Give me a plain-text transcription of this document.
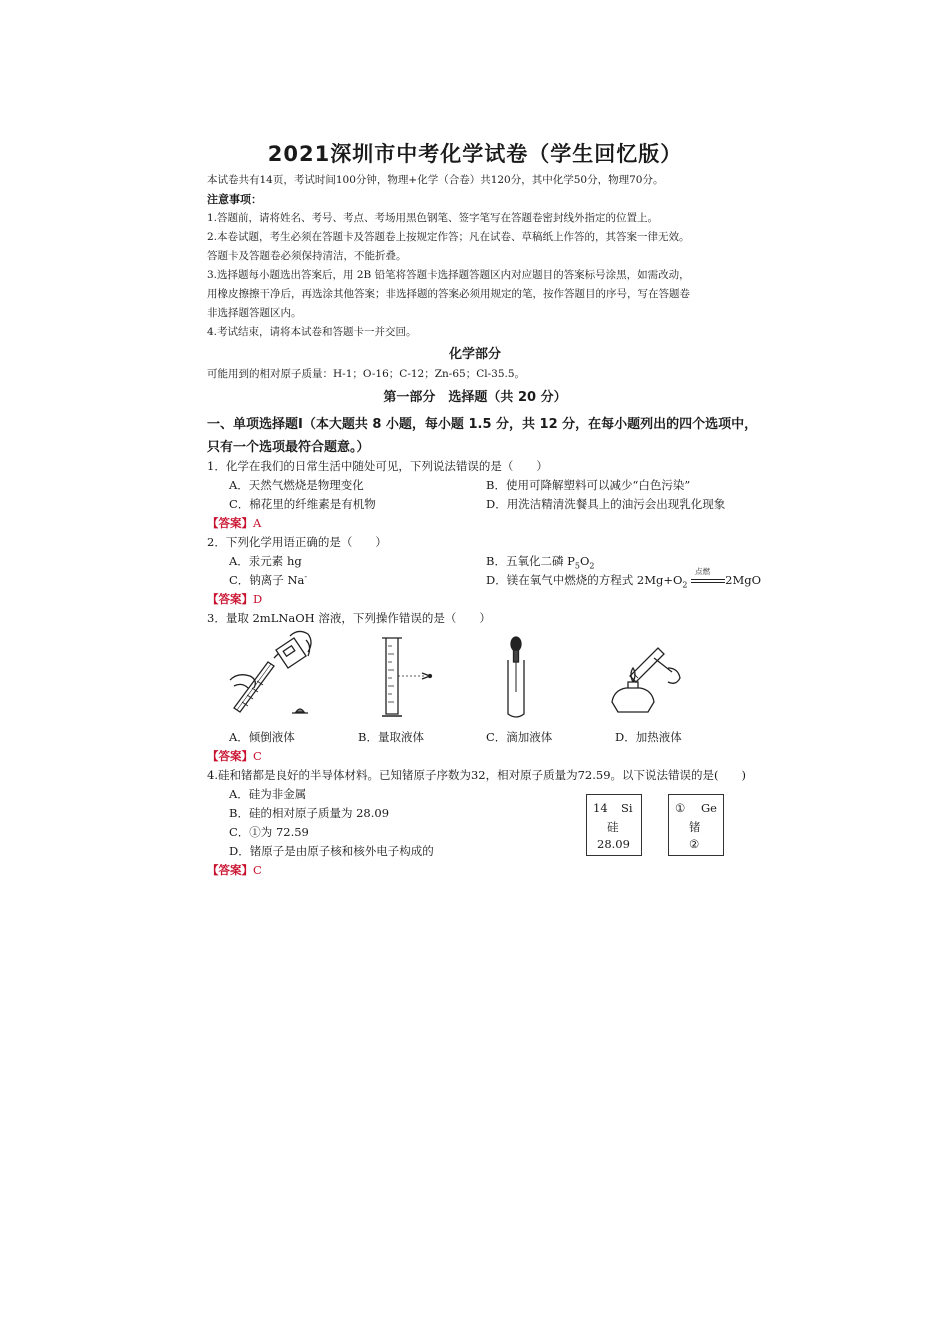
2021深圳市中考化学试卷（学生回忆版）
本试卷共有14页，考试时间100分钟，物理+化学（合卷）共120分，其中化学50分，物理70分。
注意事项：
1.答题前，请将姓名、考号、考点、考场用黑色钢笔、签字笔写在答题卷密封线外指定的位置上。
2.本卷试题，考生必须在答题卡及答题卷上按规定作答；凡在试卷、草稿纸上作答的，其答案一律无效。
答题卡及答题卷必须保持清洁，不能折叠。
3.选择题每小题选出答案后，用 2B 铅笔将答题卡选择题答题区内对应题目的答案标号涂黑，如需改动，
用橡皮擦擦干净后，再选涂其他答案；非选择题的答案必须用规定的笔，按作答题目的序号，写在答题卷
非选择题答题区内。
4.考试结束，请将本试卷和答题卡一并交回。
化学部分
可能用到的相对原子质量：H-1；O-16；C-12；Zn-65；Cl-35.5。
第一部分　选择题（共 20 分）
一、单项选择题Ⅰ（本大题共 8 小题，每小题 1.5 分，共 12 分，在每小题列出的四个选项中，
只有一个选项最符合题意。）
1．化学在我们的日常生活中随处可见，下列说法错误的是（　　）
A．天然气燃烧是物理变化	B．使用可降解塑料可以减少“白色污染”
C．棉花里的纤维素是有机物	D．用洗洁精清洗餐具上的油污会出现乳化现象
【答案】A
2．下列化学用语正确的是（　　）
A．汞元素 hg	B．五氧化二磷 $P_5O_2$
C．钠离子 Na-	D．镁在氧气中燃烧的方程式 $2Mg+O_2$
点燃
2MgO
【答案】D
3．量取 2mLNaOH 溶液，下列操作错误的是（　　）
A．倾倒液体	B．量取液体	C．滴加液体	D．加热液体
【答案】C
4.硅和锗都是良好的半导体材料。已知锗原子序数为32，相对原子质量为72.59。以下说法错误的是(　　)
A．硅为非金属
B．硅的相对原子质量为 28.09
C．①为 72.59
D．锗原子是由原子核和核外电子构成的
【答案】C
14 Si
硅
28.09
① Ge
锗
②
